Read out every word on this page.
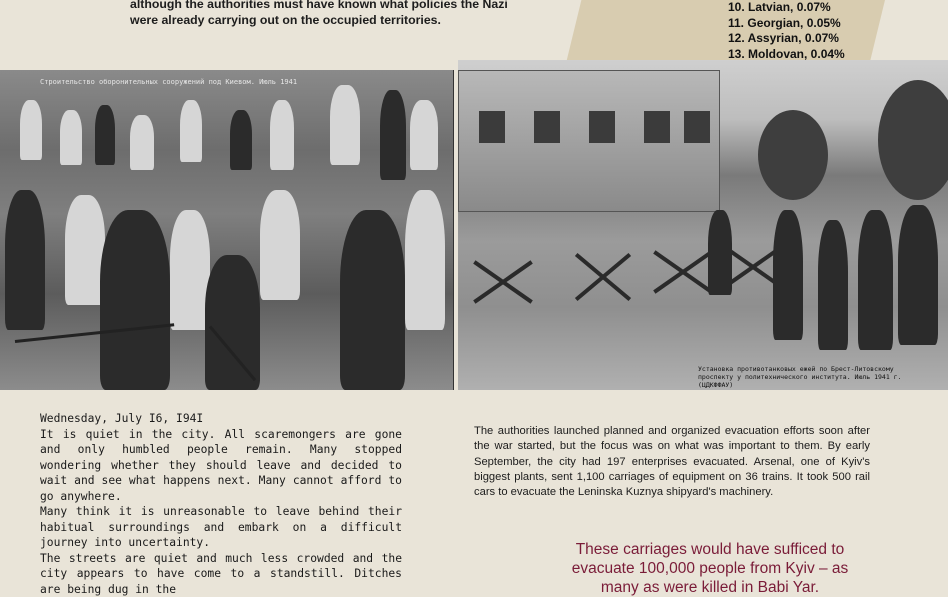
although the authorities must have known what policies the Nazi
were already carrying out on the occupied territories.
10. Latvian, 0.07%
11. Georgian, 0.05%
12. Assyrian, 0.07%
13. Moldovan, 0.04%
Строительство оборонительных сооружений под Киевом. Июль 1941
Установка противотанковых ежей по Брест-Литовскому проспекту у политехнического института. Июль 1941 г. (ЦДКФФАУ)

Wednesday, July I6, I94I

It is quiet in the city. All scaremongers are gone and only humbled people remain. Many stopped wondering whether they should leave and decided to wait and see what happens next. Many cannot afford to go anywhere.

Many think it is unreasonable to leave behind their habitual surroundings and embark on a difficult journey into uncertainty.

The streets are quiet and much less crowded and the city appears to have come to a standstill. Ditches are being dug in the

The authorities launched planned and organized evacuation efforts soon after the war started, but the focus was on what was important to them. By early September, the city had 197 enterprises evacuated. Arsenal, one of Kyiv's biggest plants, sent 1,100 carriages of equipment on 36 trains. It took 500 rail cars to evacuate the Leninska Kuznya shipyard's machinery.
These carriages would have sufficed to evacuate 100,000 people from Kyiv – as many as were killed in Babi Yar.
